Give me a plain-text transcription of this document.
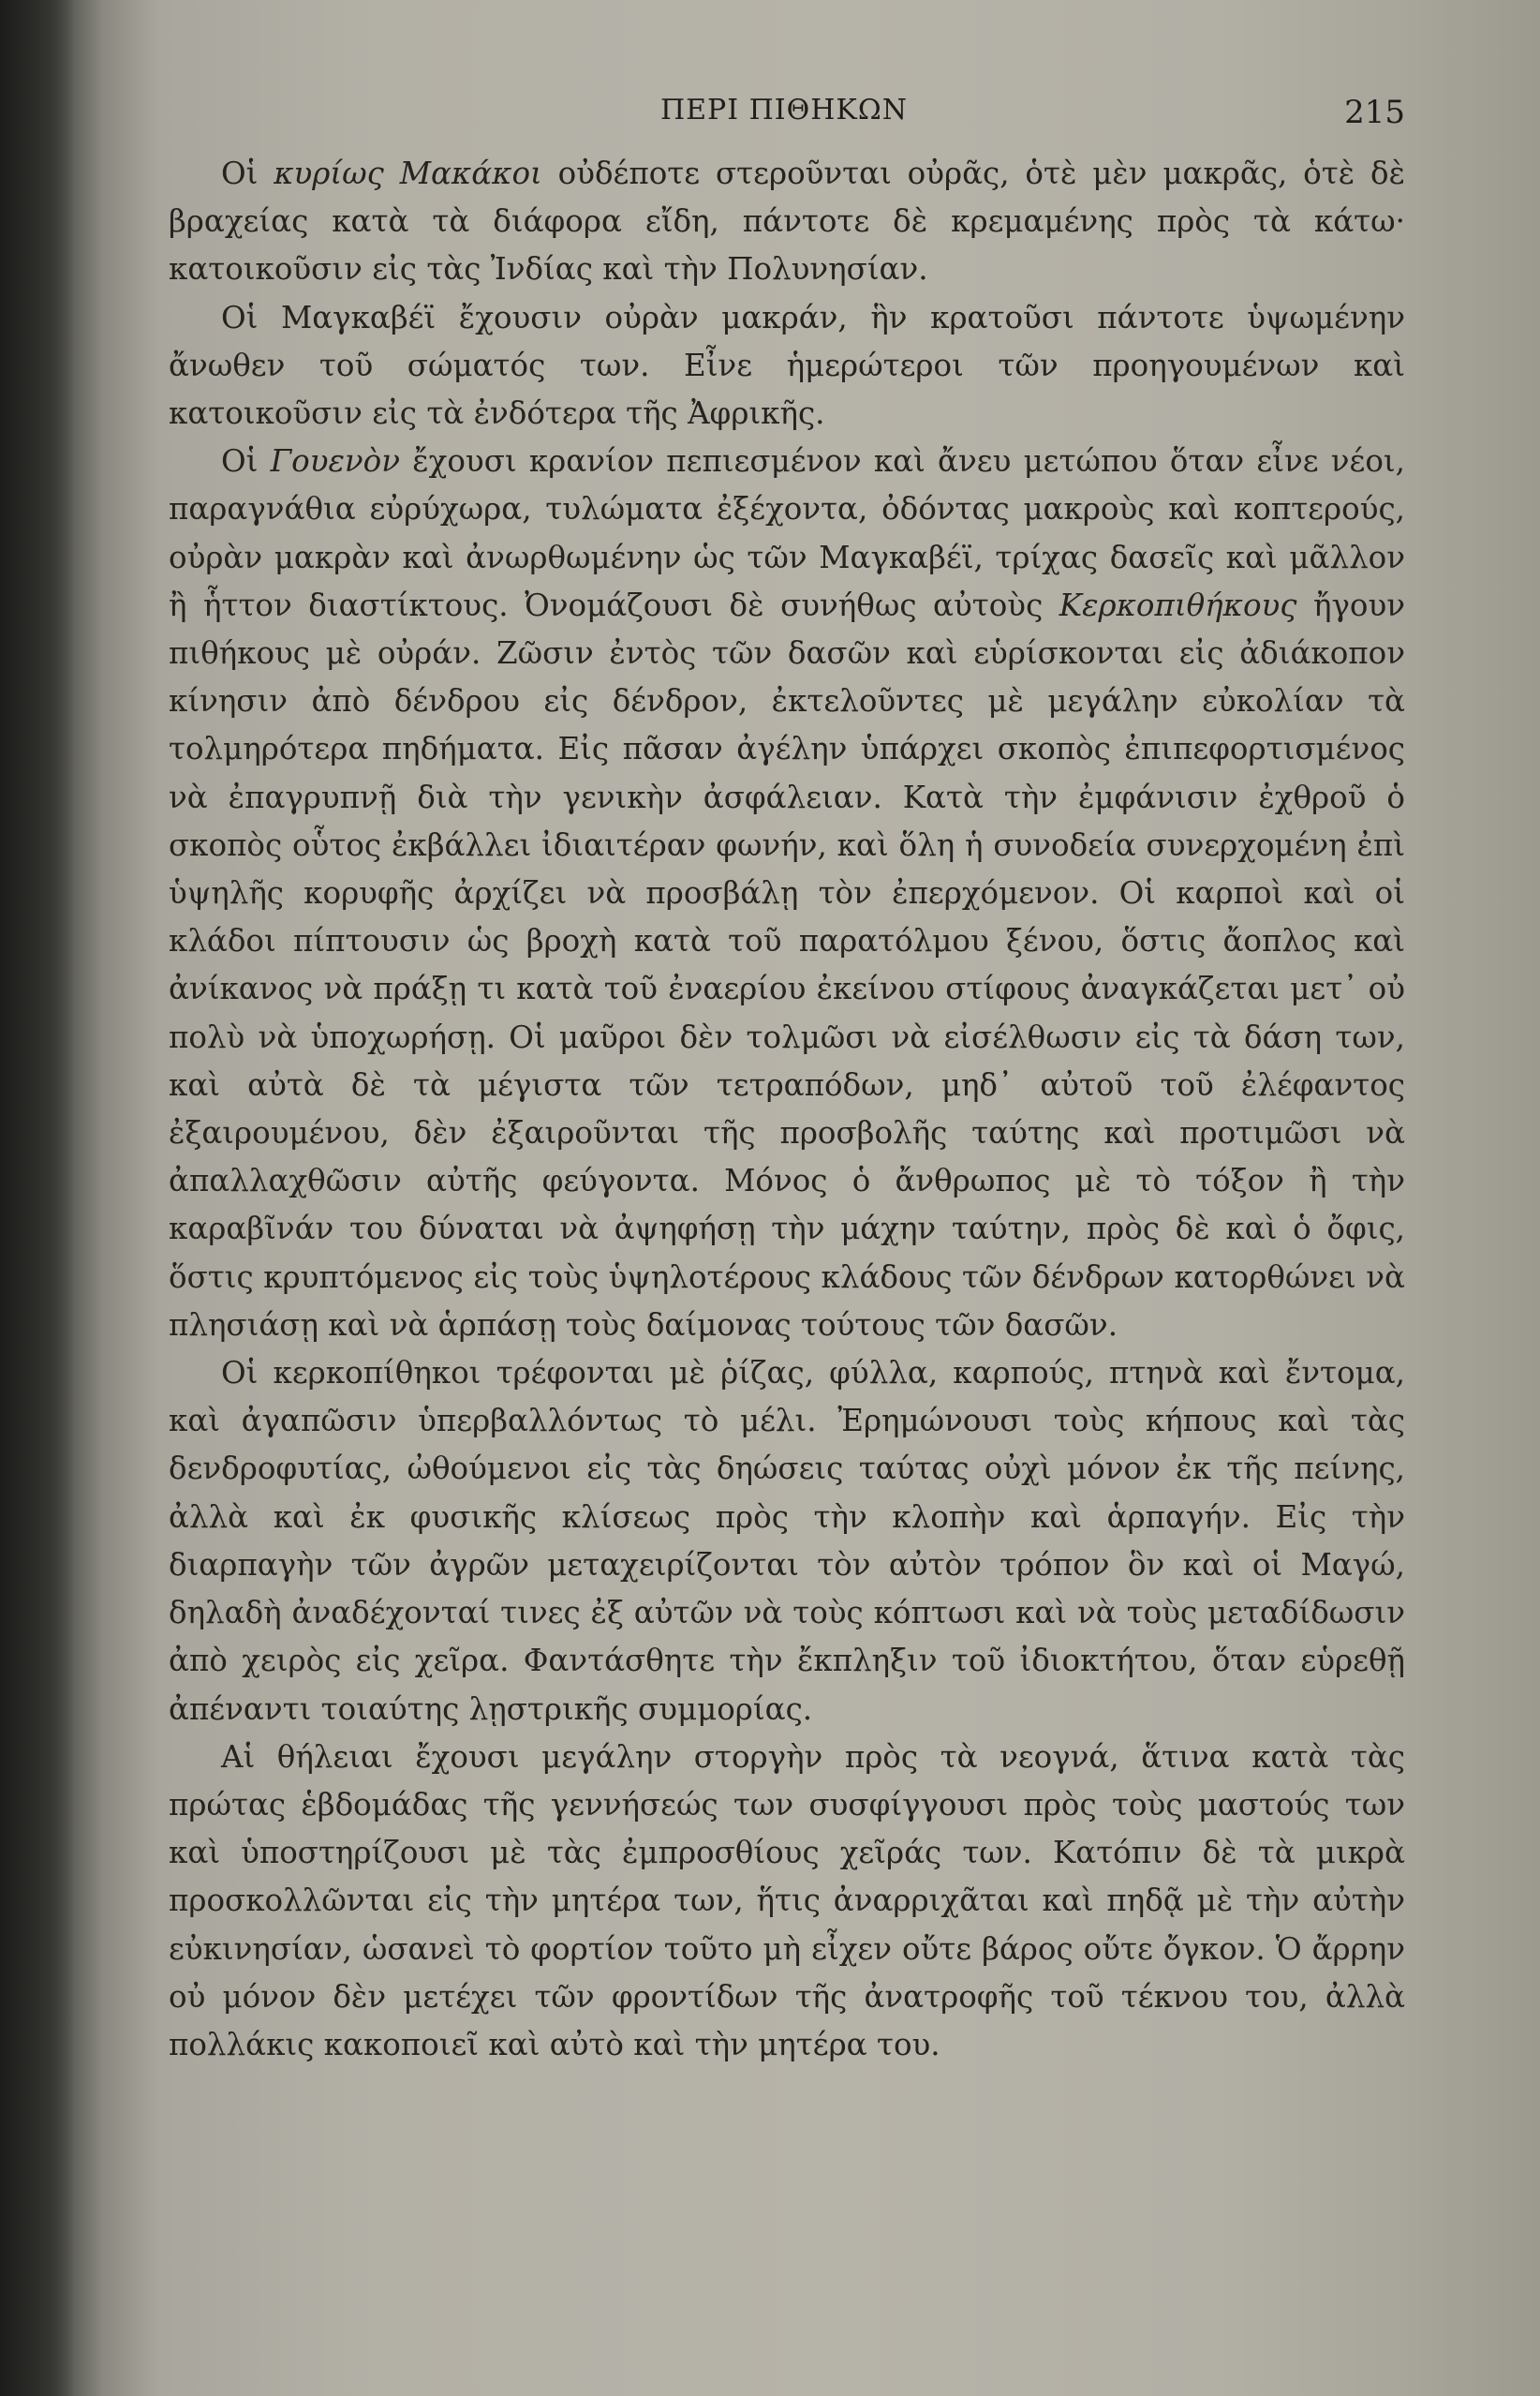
ΠΕΡΙ ΠΙΘΗΚΩΝ	215

Οἱ κυρίως Μακάκοι οὐδέποτε στεροῦνται οὐρᾶς, ὁτὲ μὲν μακρᾶς, ὁτὲ δὲ βραχείας κατὰ τὰ διάφορα εἴδη, πάντοτε δὲ κρεμαμένης πρὸς τὰ κάτω· κατοικοῦσιν εἰς τὰς Ἰνδίας καὶ τὴν Πολυνησίαν.

Οἱ Μαγκαβέϊ ἔχουσιν οὐρὰν μακράν, ἣν κρατοῦσι πάντοτε ὑψωμένην ἄνωθεν τοῦ σώματός των. Εἶνε ἡμερώτεροι τῶν προηγουμένων καὶ κατοικοῦσιν εἰς τὰ ἐνδότερα τῆς Ἀφρικῆς.

Οἱ Γουενὸν ἔχουσι κρανίον πεπιεσμένον καὶ ἄνευ μετώπου ὅταν εἶνε νέοι, παραγνάθια εὐρύχωρα, τυλώματα ἐξέχοντα, ὀδόντας μακροὺς καὶ κοπτερούς, οὐρὰν μακρὰν καὶ ἀνωρθωμένην ὡς τῶν Μαγκαβέϊ, τρίχας δασεῖς καὶ μᾶλλον ἢ ἧττον διαστίκτους. Ὀνομάζουσι δὲ συνήθως αὐτοὺς Κερκοπιθήκους ἤγουν πιθήκους μὲ οὐράν. Ζῶσιν ἐντὸς τῶν δασῶν καὶ εὑρίσκονται εἰς ἀδιάκοπον κίνησιν ἀπὸ δένδρου εἰς δένδρον, ἐκτελοῦντες μὲ μεγάλην εὐκολίαν τὰ τολμηρότερα πηδήματα. Εἰς πᾶσαν ἀγέλην ὑπάρχει σκοπὸς ἐπιπεφορτισμένος νὰ ἐπαγρυπνῇ διὰ τὴν γενικὴν ἀσφάλειαν. Κατὰ τὴν ἐμφάνισιν ἐχθροῦ ὁ σκοπὸς οὗτος ἐκβάλλει ἰδιαιτέραν φωνήν, καὶ ὅλη ἡ συνοδεία συνερχομένη ἐπὶ ὑψηλῆς κορυφῆς ἀρχίζει νὰ προσβάλῃ τὸν ἐπερχόμενον. Οἱ καρποὶ καὶ οἱ κλάδοι πίπτουσιν ὡς βροχὴ κατὰ τοῦ παρατόλμου ξένου, ὅστις ἄοπλος καὶ ἀνίκανος νὰ πράξῃ τι κατὰ τοῦ ἐναερίου ἐκείνου στίφους ἀναγκάζεται μετ᾽ οὐ πολὺ νὰ ὑποχωρήσῃ. Οἱ μαῦροι δὲν τολμῶσι νὰ εἰσέλθωσιν εἰς τὰ δάση των, καὶ αὐτὰ δὲ τὰ μέγιστα τῶν τετραπόδων, μηδ᾽ αὐτοῦ τοῦ ἐλέφαντος ἐξαιρουμένου, δὲν ἐξαιροῦνται τῆς προσβολῆς ταύτης καὶ προτιμῶσι νὰ ἀπαλλαχθῶσιν αὐτῆς φεύγοντα. Μόνος ὁ ἄνθρωπος μὲ τὸ τόξον ἢ τὴν καραβῖνάν του δύναται νὰ ἀψηφήσῃ τὴν μάχην ταύτην, πρὸς δὲ καὶ ὁ ὄφις, ὅστις κρυπτόμενος εἰς τοὺς ὑψηλοτέρους κλάδους τῶν δένδρων κατορθώνει νὰ πλησιάσῃ καὶ νὰ ἁρπάσῃ τοὺς δαίμονας τούτους τῶν δασῶν.

Οἱ κερκοπίθηκοι τρέφονται μὲ ῥίζας, φύλλα, καρπούς, πτηνὰ καὶ ἔντομα, καὶ ἀγαπῶσιν ὑπερβαλλόντως τὸ μέλι. Ἐρημώνουσι τοὺς κήπους καὶ τὰς δενδροφυτίας, ὠθούμενοι εἰς τὰς δηώσεις ταύτας οὐχὶ μόνον ἐκ τῆς πείνης, ἀλλὰ καὶ ἐκ φυσικῆς κλίσεως πρὸς τὴν κλοπὴν καὶ ἁρπαγήν. Εἰς τὴν διαρπαγὴν τῶν ἀγρῶν μεταχειρίζονται τὸν αὐτὸν τρόπον ὃν καὶ οἱ Μαγώ, δηλαδὴ ἀναδέχονταί τινες ἐξ αὐτῶν νὰ τοὺς κόπτωσι καὶ νὰ τοὺς μεταδίδωσιν ἀπὸ χειρὸς εἰς χεῖρα. Φαντάσθητε τὴν ἔκπληξιν τοῦ ἰδιοκτήτου, ὅταν εὑρεθῇ ἀπέναντι τοιαύτης λῃστρικῆς συμμορίας.

Αἱ θήλειαι ἔχουσι μεγάλην στοργὴν πρὸς τὰ νεογνά, ἅτινα κατὰ τὰς πρώτας ἑβδομάδας τῆς γεννήσεώς των συσφίγγουσι πρὸς τοὺς μαστούς των καὶ ὑποστηρίζουσι μὲ τὰς ἐμπροσθίους χεῖράς των. Κατόπιν δὲ τὰ μικρὰ προσκολλῶνται εἰς τὴν μητέρα των, ἥτις ἀναρριχᾶται καὶ πηδᾷ μὲ τὴν αὐτὴν εὐκινησίαν, ὡσανεὶ τὸ φορτίον τοῦτο μὴ εἶχεν οὔτε βάρος οὔτε ὄγκον. Ὁ ἄρρην οὐ μόνον δὲν μετέχει τῶν φροντίδων τῆς ἀνατροφῆς τοῦ τέκνου του, ἀλλὰ πολλάκις κακοποιεῖ καὶ αὐτὸ καὶ τὴν μητέρα του.
